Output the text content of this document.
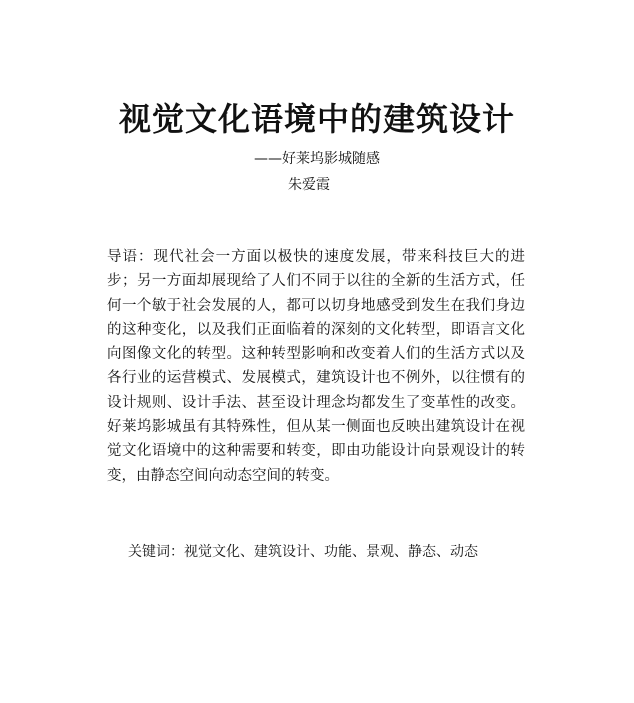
视觉文化语境中的建筑设计
——好莱坞影城随感
朱爱霞

导语：现代社会一方面以极快的速度发展，带来科技巨大的进步；另一方面却展现给了人们不同于以往的全新的生活方式，任何一个敏于社会发展的人，都可以切身地感受到发生在我们身边的这种变化，以及我们正面临着的深刻的文化转型，即语言文化向图像文化的转型。这种转型影响和改变着人们的生活方式以及各行业的运营模式、发展模式，建筑设计也不例外，以往惯有的设计规则、设计手法、甚至设计理念均都发生了变革性的改变。好莱坞影城虽有其特殊性，但从某一侧面也反映出建筑设计在视觉文化语境中的这种需要和转变，即由功能设计向景观设计的转变，由静态空间向动态空间的转变。

关键词：视觉文化、建筑设计、功能、景观、静态、动态
